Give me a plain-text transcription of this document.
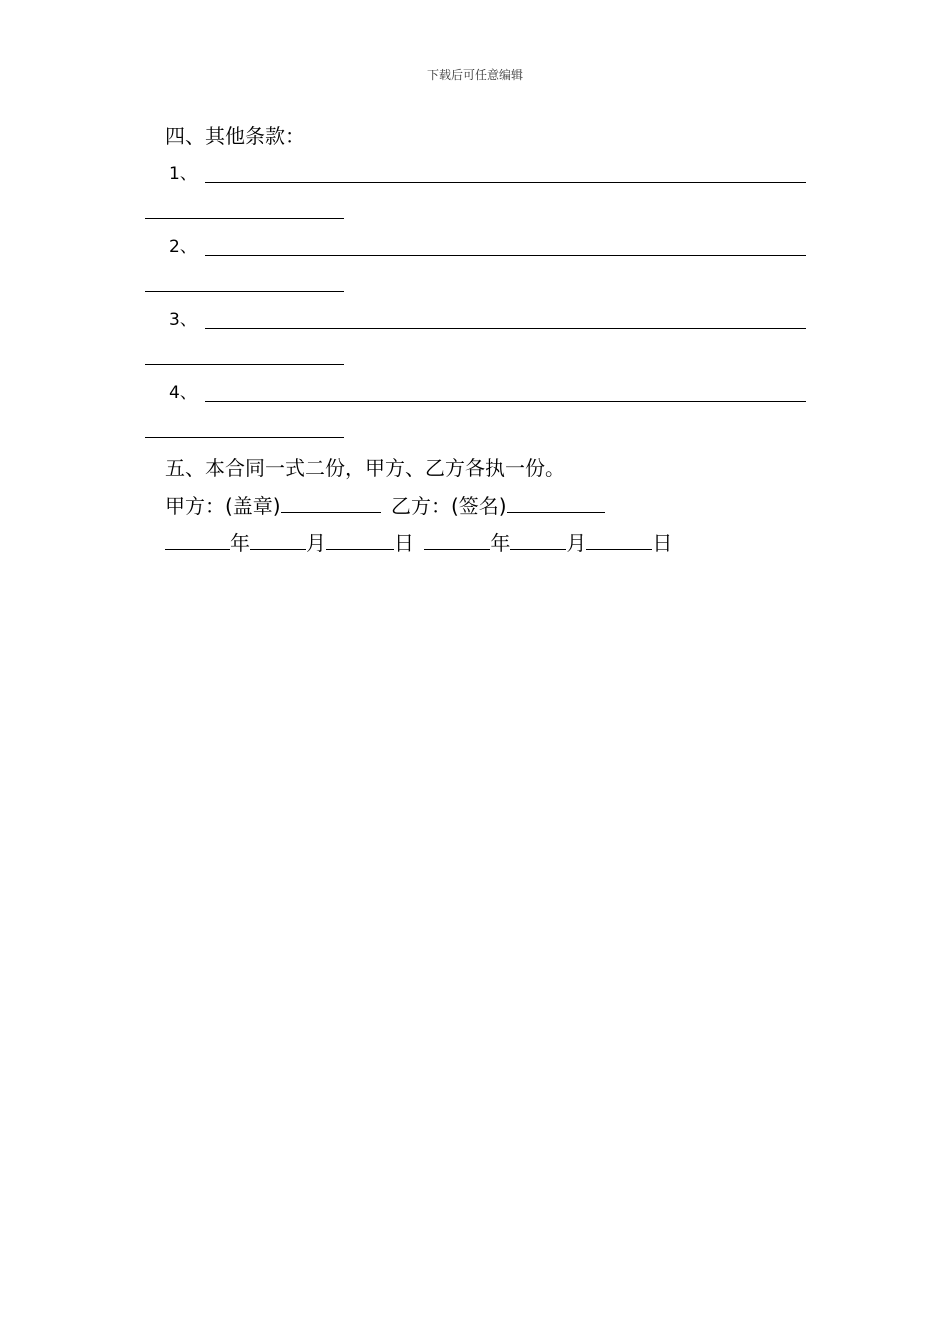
下载后可任意编辑
四、其他条款：
1、
2、
3、
4、
五、本合同一式二份，甲方、乙方各执一份。
甲方：(盖章)	乙方：(签名)
年	月	日	年	月	日
